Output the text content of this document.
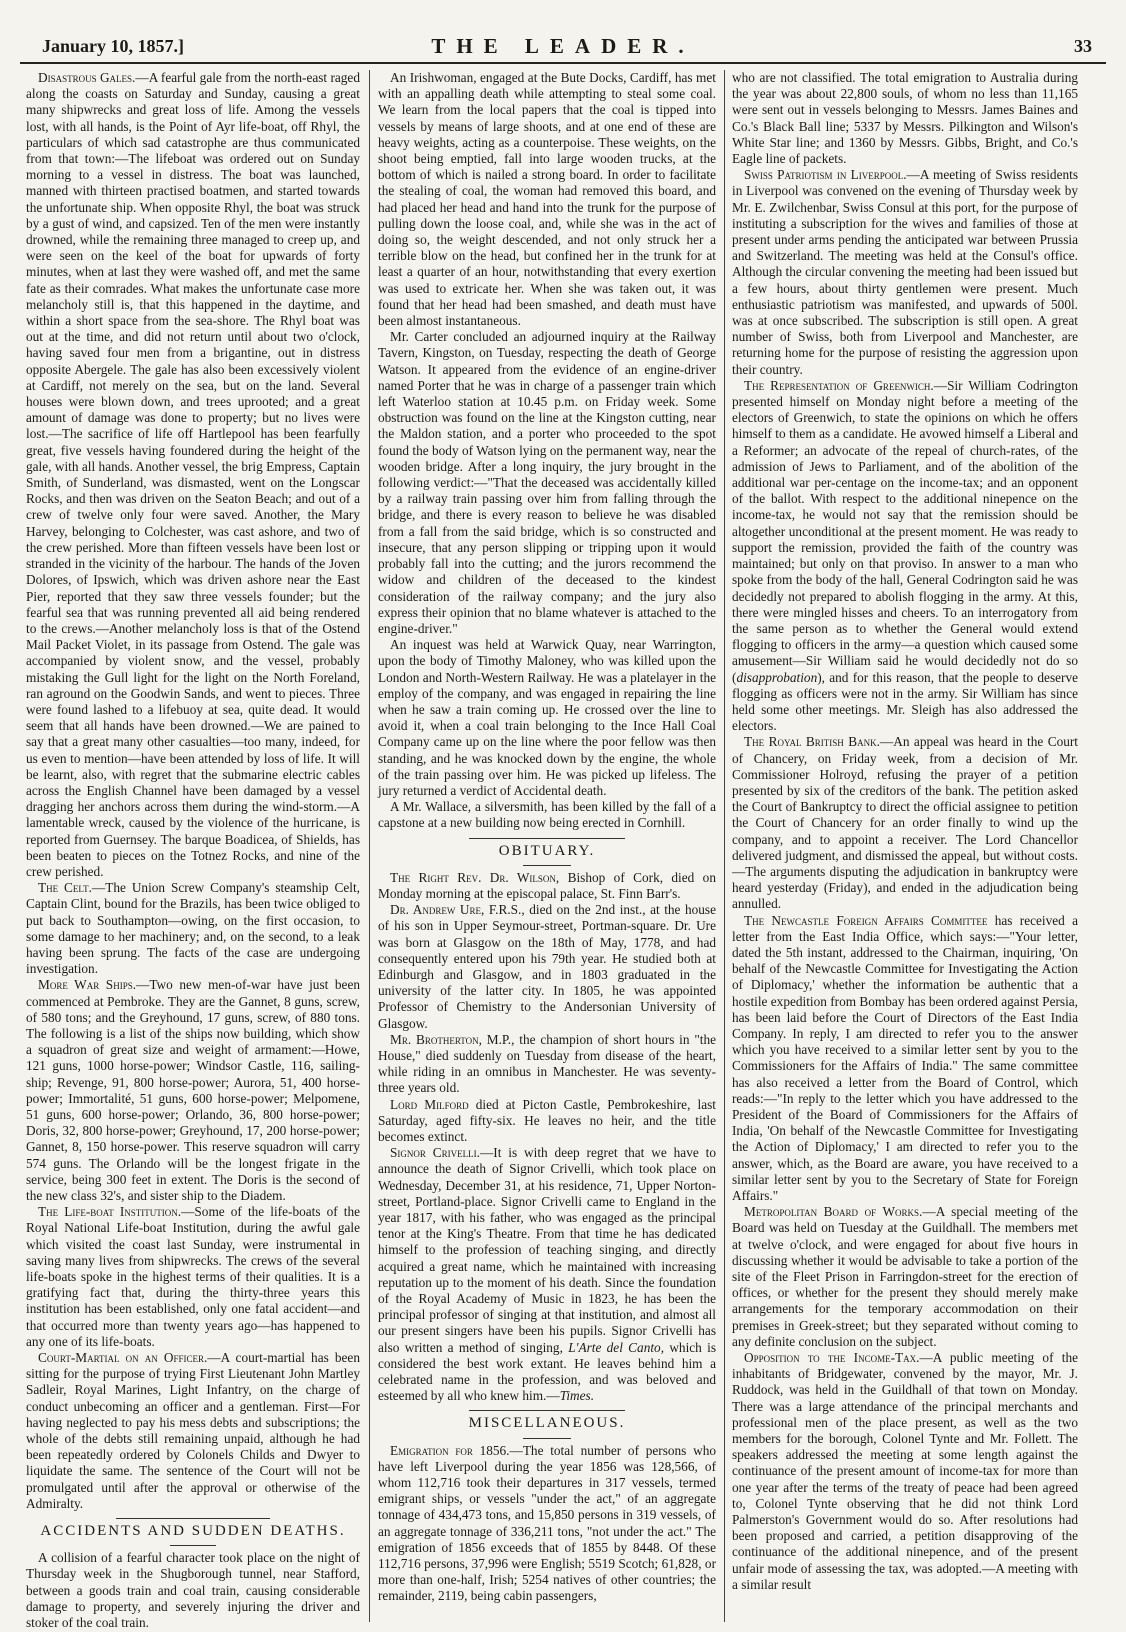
January 10, 1857.]	THE LEADER.	33

Disastrous Gales.—A fearful gale from the north-east raged along the coasts on Saturday and Sunday, causing a great many shipwrecks and great loss of life. Among the vessels lost, with all hands, is the Point of Ayr life-boat, off Rhyl, the particulars of which sad catastrophe are thus communicated from that town:—The lifeboat was ordered out on Sunday morning to a vessel in distress. The boat was launched, manned with thirteen practised boatmen, and started towards the unfortunate ship. When opposite Rhyl, the boat was struck by a gust of wind, and capsized. Ten of the men were instantly drowned, while the remaining three managed to creep up, and were seen on the keel of the boat for upwards of forty minutes, when at last they were washed off, and met the same fate as their comrades. What makes the unfortunate case more melancholy still is, that this happened in the daytime, and within a short space from the sea-shore. The Rhyl boat was out at the time, and did not return until about two o'clock, having saved four men from a brigantine, out in distress opposite Abergele. The gale has also been excessively violent at Cardiff, not merely on the sea, but on the land. Several houses were blown down, and trees uprooted; and a great amount of damage was done to property; but no lives were lost.—The sacrifice of life off Hartlepool has been fearfully great, five vessels having foundered during the height of the gale, with all hands. Another vessel, the brig Empress, Captain Smith, of Sunderland, was dismasted, went on the Longscar Rocks, and then was driven on the Seaton Beach; and out of a crew of twelve only four were saved. Another, the Mary Harvey, belonging to Colchester, was cast ashore, and two of the crew perished. More than fifteen vessels have been lost or stranded in the vicinity of the harbour. The hands of the Joven Dolores, of Ipswich, which was driven ashore near the East Pier, reported that they saw three vessels founder; but the fearful sea that was running prevented all aid being rendered to the crews.—Another melancholy loss is that of the Ostend Mail Packet Violet, in its passage from Ostend. The gale was accompanied by violent snow, and the vessel, probably mistaking the Gull light for the light on the North Foreland, ran aground on the Goodwin Sands, and went to pieces. Three were found lashed to a lifebuoy at sea, quite dead. It would seem that all hands have been drowned.—We are pained to say that a great many other casualties—too many, indeed, for us even to mention—have been attended by loss of life. It will be learnt, also, with regret that the submarine electric cables across the English Channel have been damaged by a vessel dragging her anchors across them during the wind-storm.—A lamentable wreck, caused by the violence of the hurricane, is reported from Guernsey. The barque Boadicea, of Shields, has been beaten to pieces on the Totnez Rocks, and nine of the crew perished.

The Celt.—The Union Screw Company's steamship Celt, Captain Clint, bound for the Brazils, has been twice obliged to put back to Southampton—owing, on the first occasion, to some damage to her machinery; and, on the second, to a leak having been sprung. The facts of the case are undergoing investigation.

More War Ships.—Two new men-of-war have just been commenced at Pembroke. They are the Gannet, 8 guns, screw, of 580 tons; and the Greyhound, 17 guns, screw, of 880 tons. The following is a list of the ships now building, which show a squadron of great size and weight of armament:—Howe, 121 guns, 1000 horse-power; Windsor Castle, 116, sailing-ship; Revenge, 91, 800 horse-power; Aurora, 51, 400 horse-power; Immortalité, 51 guns, 600 horse-power; Melpomene, 51 guns, 600 horse-power; Orlando, 36, 800 horse-power; Doris, 32, 800 horse-power; Greyhound, 17, 200 horse-power; Gannet, 8, 150 horse-power. This reserve squadron will carry 574 guns. The Orlando will be the longest frigate in the service, being 300 feet in extent. The Doris is the second of the new class 32's, and sister ship to the Diadem.

The Life-boat Institution.—Some of the life-boats of the Royal National Life-boat Institution, during the awful gale which visited the coast last Sunday, were instrumental in saving many lives from shipwrecks. The crews of the several life-boats spoke in the highest terms of their qualities. It is a gratifying fact that, during the thirty-three years this institution has been established, only one fatal accident—and that occurred more than twenty years ago—has happened to any one of its life-boats.

Court-Martial on an Officer.—A court-martial has been sitting for the purpose of trying First Lieutenant John Martley Sadleir, Royal Marines, Light Infantry, on the charge of conduct unbecoming an officer and a gentleman. First—For having neglected to pay his mess debts and subscriptions; the whole of the debts still remaining unpaid, although he had been repeatedly ordered by Colonels Childs and Dwyer to liquidate the same. The sentence of the Court will not be promulgated until after the approval or otherwise of the Admiralty.

ACCIDENTS AND SUDDEN DEATHS.

A collision of a fearful character took place on the night of Thursday week in the Shugborough tunnel, near Stafford, between a goods train and coal train, causing considerable damage to property, and severely injuring the driver and stoker of the coal train.

An Irishwoman, engaged at the Bute Docks, Cardiff, has met with an appalling death while attempting to steal some coal. We learn from the local papers that the coal is tipped into vessels by means of large shoots, and at one end of these are heavy weights, acting as a counterpoise. These weights, on the shoot being emptied, fall into large wooden trucks, at the bottom of which is nailed a strong board. In order to facilitate the stealing of coal, the woman had removed this board, and had placed her head and hand into the trunk for the purpose of pulling down the loose coal, and, while she was in the act of doing so, the weight descended, and not only struck her a terrible blow on the head, but confined her in the trunk for at least a quarter of an hour, notwithstanding that every exertion was used to extricate her. When she was taken out, it was found that her head had been smashed, and death must have been almost instantaneous.

Mr. Carter concluded an adjourned inquiry at the Railway Tavern, Kingston, on Tuesday, respecting the death of George Watson. It appeared from the evidence of an engine-driver named Porter that he was in charge of a passenger train which left Waterloo station at 10.45 p.m. on Friday week. Some obstruction was found on the line at the Kingston cutting, near the Maldon station, and a porter who proceeded to the spot found the body of Watson lying on the permanent way, near the wooden bridge. After a long inquiry, the jury brought in the following verdict:—"That the deceased was accidentally killed by a railway train passing over him from falling through the bridge, and there is every reason to believe he was disabled from a fall from the said bridge, which is so constructed and insecure, that any person slipping or tripping upon it would probably fall into the cutting; and the jurors recommend the widow and children of the deceased to the kindest consideration of the railway company; and the jury also express their opinion that no blame whatever is attached to the engine-driver."

An inquest was held at Warwick Quay, near Warrington, upon the body of Timothy Maloney, who was killed upon the London and North-Western Railway. He was a platelayer in the employ of the company, and was engaged in repairing the line when he saw a train coming up. He crossed over the line to avoid it, when a coal train belonging to the Ince Hall Coal Company came up on the line where the poor fellow was then standing, and he was knocked down by the engine, the whole of the train passing over him. He was picked up lifeless. The jury returned a verdict of Accidental death.

A Mr. Wallace, a silversmith, has been killed by the fall of a capstone at a new building now being erected in Cornhill.

OBITUARY.

The Right Rev. Dr. Wilson, Bishop of Cork, died on Monday morning at the episcopal palace, St. Finn Barr's.

Dr. Andrew Ure, F.R.S., died on the 2nd inst., at the house of his son in Upper Seymour-street, Portman-square. Dr. Ure was born at Glasgow on the 18th of May, 1778, and had consequently entered upon his 79th year. He studied both at Edinburgh and Glasgow, and in 1803 graduated in the university of the latter city. In 1805, he was appointed Professor of Chemistry to the Andersonian University of Glasgow.

Mr. Brotherton, M.P., the champion of short hours in "the House," died suddenly on Tuesday from disease of the heart, while riding in an omnibus in Manchester. He was seventy-three years old.

Lord Milford died at Picton Castle, Pembrokeshire, last Saturday, aged fifty-six. He leaves no heir, and the title becomes extinct.

Signor Crivelli.—It is with deep regret that we have to announce the death of Signor Crivelli, which took place on Wednesday, December 31, at his residence, 71, Upper Norton-street, Portland-place. Signor Crivelli came to England in the year 1817, with his father, who was engaged as the principal tenor at the King's Theatre. From that time he has dedicated himself to the profession of teaching singing, and directly acquired a great name, which he maintained with increasing reputation up to the moment of his death. Since the foundation of the Royal Academy of Music in 1823, he has been the principal professor of singing at that institution, and almost all our present singers have been his pupils. Signor Crivelli has also written a method of singing, L'Arte del Canto, which is considered the best work extant. He leaves behind him a celebrated name in the profession, and was beloved and esteemed by all who knew him.—Times.

MISCELLANEOUS.

Emigration for 1856.—The total number of persons who have left Liverpool during the year 1856 was 128,566, of whom 112,716 took their departures in 317 vessels, termed emigrant ships, or vessels "under the act," of an aggregate tonnage of 434,473 tons, and 15,850 persons in 319 vessels, of an aggregate tonnage of 336,211 tons, "not under the act." The emigration of 1856 exceeds that of 1855 by 8448. Of these 112,716 persons, 37,996 were English; 5519 Scotch; 61,828, or more than one-half, Irish; 5254 natives of other countries; the remainder, 2119, being cabin passengers,

who are not classified. The total emigration to Australia during the year was about 22,800 souls, of whom no less than 11,165 were sent out in vessels belonging to Messrs. James Baines and Co.'s Black Ball line; 5337 by Messrs. Pilkington and Wilson's White Star line; and 1360 by Messrs. Gibbs, Bright, and Co.'s Eagle line of packets.

Swiss Patriotism in Liverpool.—A meeting of Swiss residents in Liverpool was convened on the evening of Thursday week by Mr. E. Zwilchenbar, Swiss Consul at this port, for the purpose of instituting a subscription for the wives and families of those at present under arms pending the anticipated war between Prussia and Switzerland. The meeting was held at the Consul's office. Although the circular convening the meeting had been issued but a few hours, about thirty gentlemen were present. Much enthusiastic patriotism was manifested, and upwards of 500l. was at once subscribed. The subscription is still open. A great number of Swiss, both from Liverpool and Manchester, are returning home for the purpose of resisting the aggression upon their country.

The Representation of Greenwich.—Sir William Codrington presented himself on Monday night before a meeting of the electors of Greenwich, to state the opinions on which he offers himself to them as a candidate. He avowed himself a Liberal and a Reformer; an advocate of the repeal of church-rates, of the admission of Jews to Parliament, and of the abolition of the additional war per-centage on the income-tax; and an opponent of the ballot. With respect to the additional ninepence on the income-tax, he would not say that the remission should be altogether unconditional at the present moment. He was ready to support the remission, provided the faith of the country was maintained; but only on that proviso. In answer to a man who spoke from the body of the hall, General Codrington said he was decidedly not prepared to abolish flogging in the army. At this, there were mingled hisses and cheers. To an interrogatory from the same person as to whether the General would extend flogging to officers in the army—a question which caused some amusement—Sir William said he would decidedly not do so (disapprobation), and for this reason, that the people to deserve flogging as officers were not in the army. Sir William has since held some other meetings. Mr. Sleigh has also addressed the electors.

The Royal British Bank.—An appeal was heard in the Court of Chancery, on Friday week, from a decision of Mr. Commissioner Holroyd, refusing the prayer of a petition presented by six of the creditors of the bank. The petition asked the Court of Bankruptcy to direct the official assignee to petition the Court of Chancery for an order finally to wind up the company, and to appoint a receiver. The Lord Chancellor delivered judgment, and dismissed the appeal, but without costs.—The arguments disputing the adjudication in bankruptcy were heard yesterday (Friday), and ended in the adjudication being annulled.

The Newcastle Foreign Affairs Committee has received a letter from the East India Office, which says:—"Your letter, dated the 5th instant, addressed to the Chairman, inquiring, 'On behalf of the Newcastle Committee for Investigating the Action of Diplomacy,' whether the information be authentic that a hostile expedition from Bombay has been ordered against Persia, has been laid before the Court of Directors of the East India Company. In reply, I am directed to refer you to the answer which you have received to a similar letter sent by you to the Commissioners for the Affairs of India." The same committee has also received a letter from the Board of Control, which reads:—"In reply to the letter which you have addressed to the President of the Board of Commissioners for the Affairs of India, 'On behalf of the Newcastle Committee for Investigating the Action of Diplomacy,' I am directed to refer you to the answer, which, as the Board are aware, you have received to a similar letter sent by you to the Secretary of State for Foreign Affairs."

Metropolitan Board of Works.—A special meeting of the Board was held on Tuesday at the Guildhall. The members met at twelve o'clock, and were engaged for about five hours in discussing whether it would be advisable to take a portion of the site of the Fleet Prison in Farringdon-street for the erection of offices, or whether for the present they should merely make arrangements for the temporary accommodation on their premises in Greek-street; but they separated without coming to any definite conclusion on the subject.

Opposition to the Income-Tax.—A public meeting of the inhabitants of Bridgewater, convened by the mayor, Mr. J. Ruddock, was held in the Guildhall of that town on Monday. There was a large attendance of the principal merchants and professional men of the place present, as well as the two members for the borough, Colonel Tynte and Mr. Follett. The speakers addressed the meeting at some length against the continuance of the present amount of income-tax for more than one year after the terms of the treaty of peace had been agreed to, Colonel Tynte observing that he did not think Lord Palmerston's Government would do so. After resolutions had been proposed and carried, a petition disapproving of the continuance of the additional ninepence, and of the present unfair mode of assessing the tax, was adopted.—A meeting with a similar result
